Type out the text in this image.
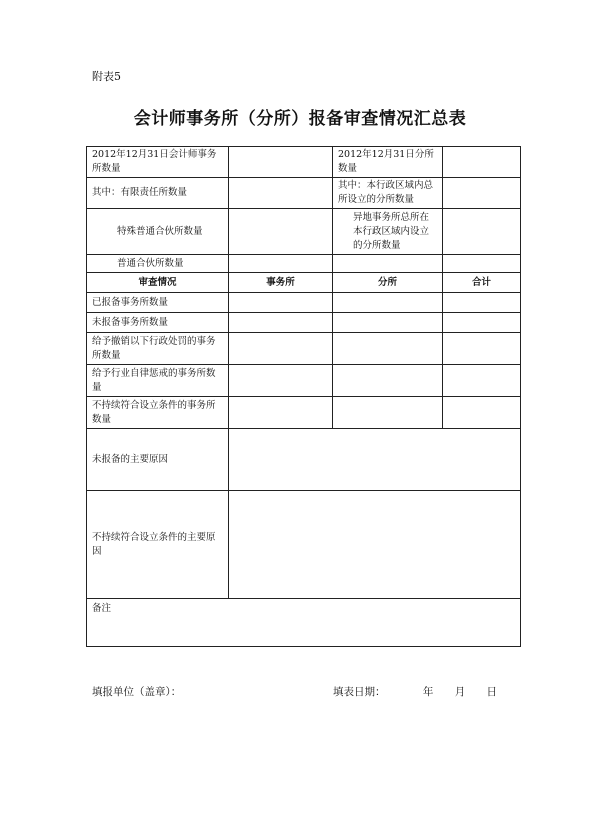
附表5
会计师事务所（分所）报备审查情况汇总表
2012年12月31日会计师事务所数量		2012年12月31日分所数量	
其中：有限责任所数量		其中：本行政区域内总所设立的分所数量	
特殊普通合伙所数量		异地事务所总所在本行政区域内设立的分所数量	
普通合伙所数量			
审查情况	事务所	分所	合计
已报备事务所数量			
未报备事务所数量			
给予撤销以下行政处罚的事务所数量			
给予行业自律惩戒的事务所数量			
不持续符合设立条件的事务所数量			
未报备的主要原因			
不持续符合设立条件的主要原因			
备注			
填报单位（盖章）：	填表日期：	年 月 日
